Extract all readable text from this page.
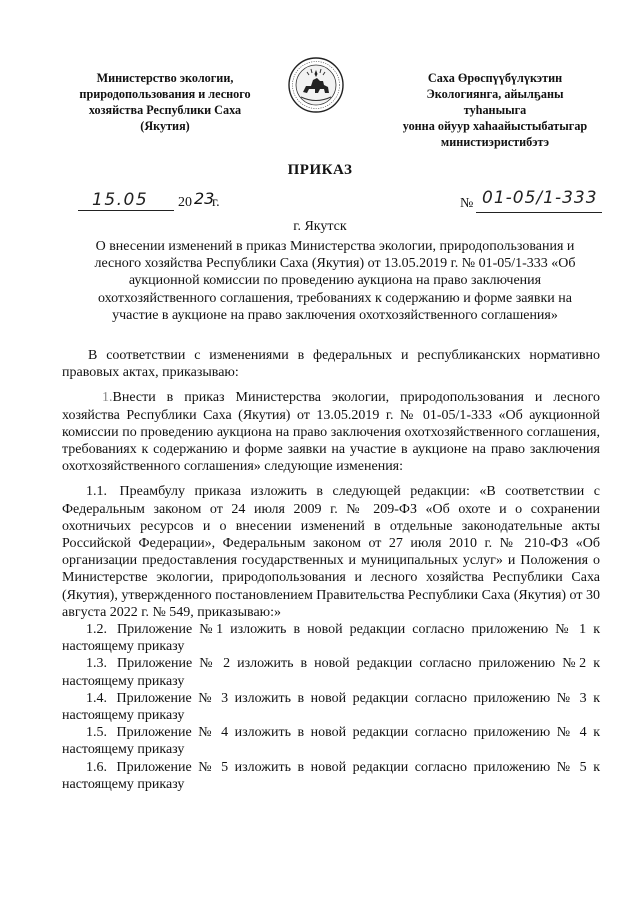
Министерство экологии,
природопользования и лесного
хозяйства Республики Саха
(Якутия)
Саха Өрөспүүбүлүкэтин
Экологиянга, айылҕаны туһаныыга
уонна ойуур хаһаайыстыбатыгар
министиэристибэтэ
ПРИКАЗ
15.05 20 23
г.	№ 01-05/1-333
г. Якутск
О внесении изменений в приказ Министерства экологии, природопользования и
лесного хозяйства Республики Саха (Якутия) от 13.05.2019 г. № 01-05/1-333 «Об
аукционной комиссии по проведению аукциона на право заключения
охотхозяйственного соглашения, требованиях к содержанию и форме заявки на
участие в аукционе на право заключения охотхозяйственного соглашения»

В соответствии с изменениями в федеральных и республиканских нормативно правовых актах, приказываю:

1.Внести в приказ Министерства экологии, природопользования и лесного хозяйства Республики Саха (Якутия) от 13.05.2019 г. № 01-05/1-333 «Об аукционной комиссии по проведению аукциона на право заключения охотхозяйственного соглашения, требованиях к содержанию и форме заявки на участие в аукционе на право заключения охотхозяйственного соглашения» следующие изменения:

1.1. Преамбулу приказа изложить в следующей редакции: «В соответствии с Федеральным законом от 24 июля 2009 г. № 209-ФЗ «Об охоте и о сохранении охотничьих ресурсов и о внесении изменений в отдельные законодательные акты Российской Федерации», Федеральным законом от 27 июля 2010 г. № 210-ФЗ «Об организации предоставления государственных и муниципальных услуг» и Положения о Министерстве экологии, природопользования и лесного хозяйства Республики Саха (Якутия), утвержденного постановлением Правительства Республики Саха (Якутия) от 30 августа 2022 г. № 549, приказываю:»

1.2. Приложение №1 изложить в новой редакции согласно приложению № 1 к настоящему приказу

1.3. Приложение № 2 изложить в новой редакции согласно приложению №2 к настоящему приказу

1.4. Приложение № 3 изложить в новой редакции согласно приложению № 3 к настоящему приказу

1.5. Приложение № 4 изложить в новой редакции согласно приложению № 4 к настоящему приказу

1.6. Приложение № 5 изложить в новой редакции согласно приложению № 5 к настоящему приказу
